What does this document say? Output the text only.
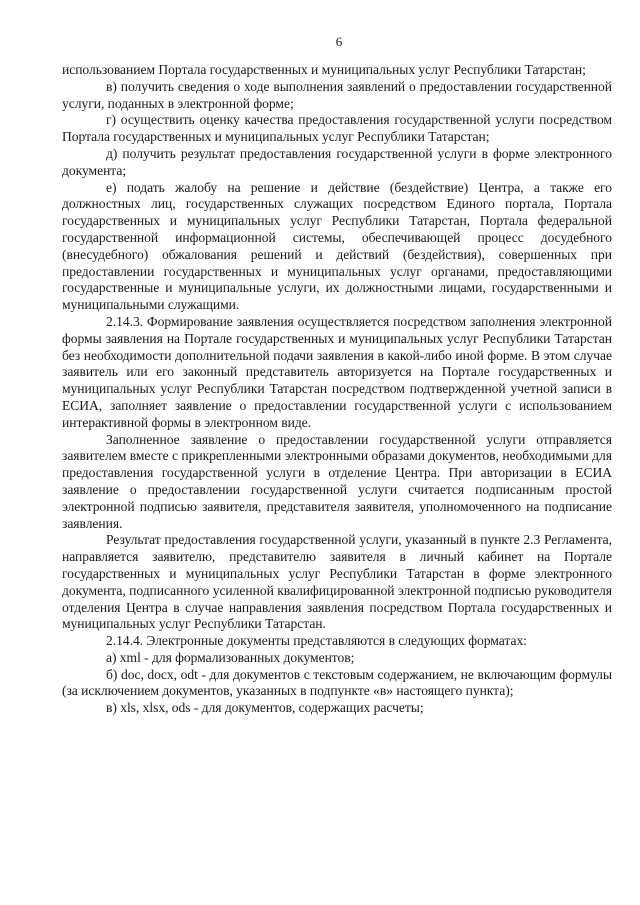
6

использованием Портала государственных и муниципальных услуг Республики Татарстан;

в) получить сведения о ходе выполнения заявлений о предоставлении государственной услуги, поданных в электронной форме;

г) осуществить оценку качества предоставления государственной услуги посредством Портала государственных и муниципальных услуг Республики Татарстан;

д) получить результат предоставления государственной услуги в форме электронного документа;

е) подать жалобу на решение и действие (бездействие) Центра, а также его должностных лиц, государственных служащих посредством Единого портала, Портала государственных и муниципальных услуг Республики Татарстан, Портала федеральной государственной информационной системы, обеспечивающей процесс досудебного (внесудебного) обжалования решений и действий (бездействия), совершенных при предоставлении государственных и муниципальных услуг органами, предоставляющими государственные и муниципальные услуги, их должностными лицами, государственными и муниципальными служащими.

2.14.3. Формирование заявления осуществляется посредством заполнения электронной формы заявления на Портале государственных и муниципальных услуг Республики Татарстан без необходимости дополнительной подачи заявления в какой-либо иной форме. В этом случае заявитель или его законный представитель авторизуется на Портале государственных и муниципальных услуг Республики Татарстан посредством подтвержденной учетной записи в ЕСИА, заполняет заявление о предоставлении государственной услуги с использованием интерактивной формы в электронном виде.

Заполненное заявление о предоставлении государственной услуги отправляется заявителем вместе с прикрепленными электронными образами документов, необходимыми для предоставления государственной услуги в отделение Центра. При авторизации в ЕСИА заявление о предоставлении государственной услуги считается подписанным простой электронной подписью заявителя, представителя заявителя, уполномоченного на подписание заявления.

Результат предоставления государственной услуги, указанный в пункте 2.3 Регламента, направляется заявителю, представителю заявителя в личный кабинет на Портале государственных и муниципальных услуг Республики Татарстан в форме электронного документа, подписанного усиленной квалифицированной электронной подписью руководителя отделения Центра в случае направления заявления посредством Портала государственных и муниципальных услуг Республики Татарстан.

2.14.4. Электронные документы представляются в следующих форматах:

а) xml - для формализованных документов;

б) doc, docx, odt - для документов с текстовым содержанием, не включающим формулы (за исключением документов, указанных в подпункте «в» настоящего пункта);

в) xls, xlsx, ods - для документов, содержащих расчеты;
